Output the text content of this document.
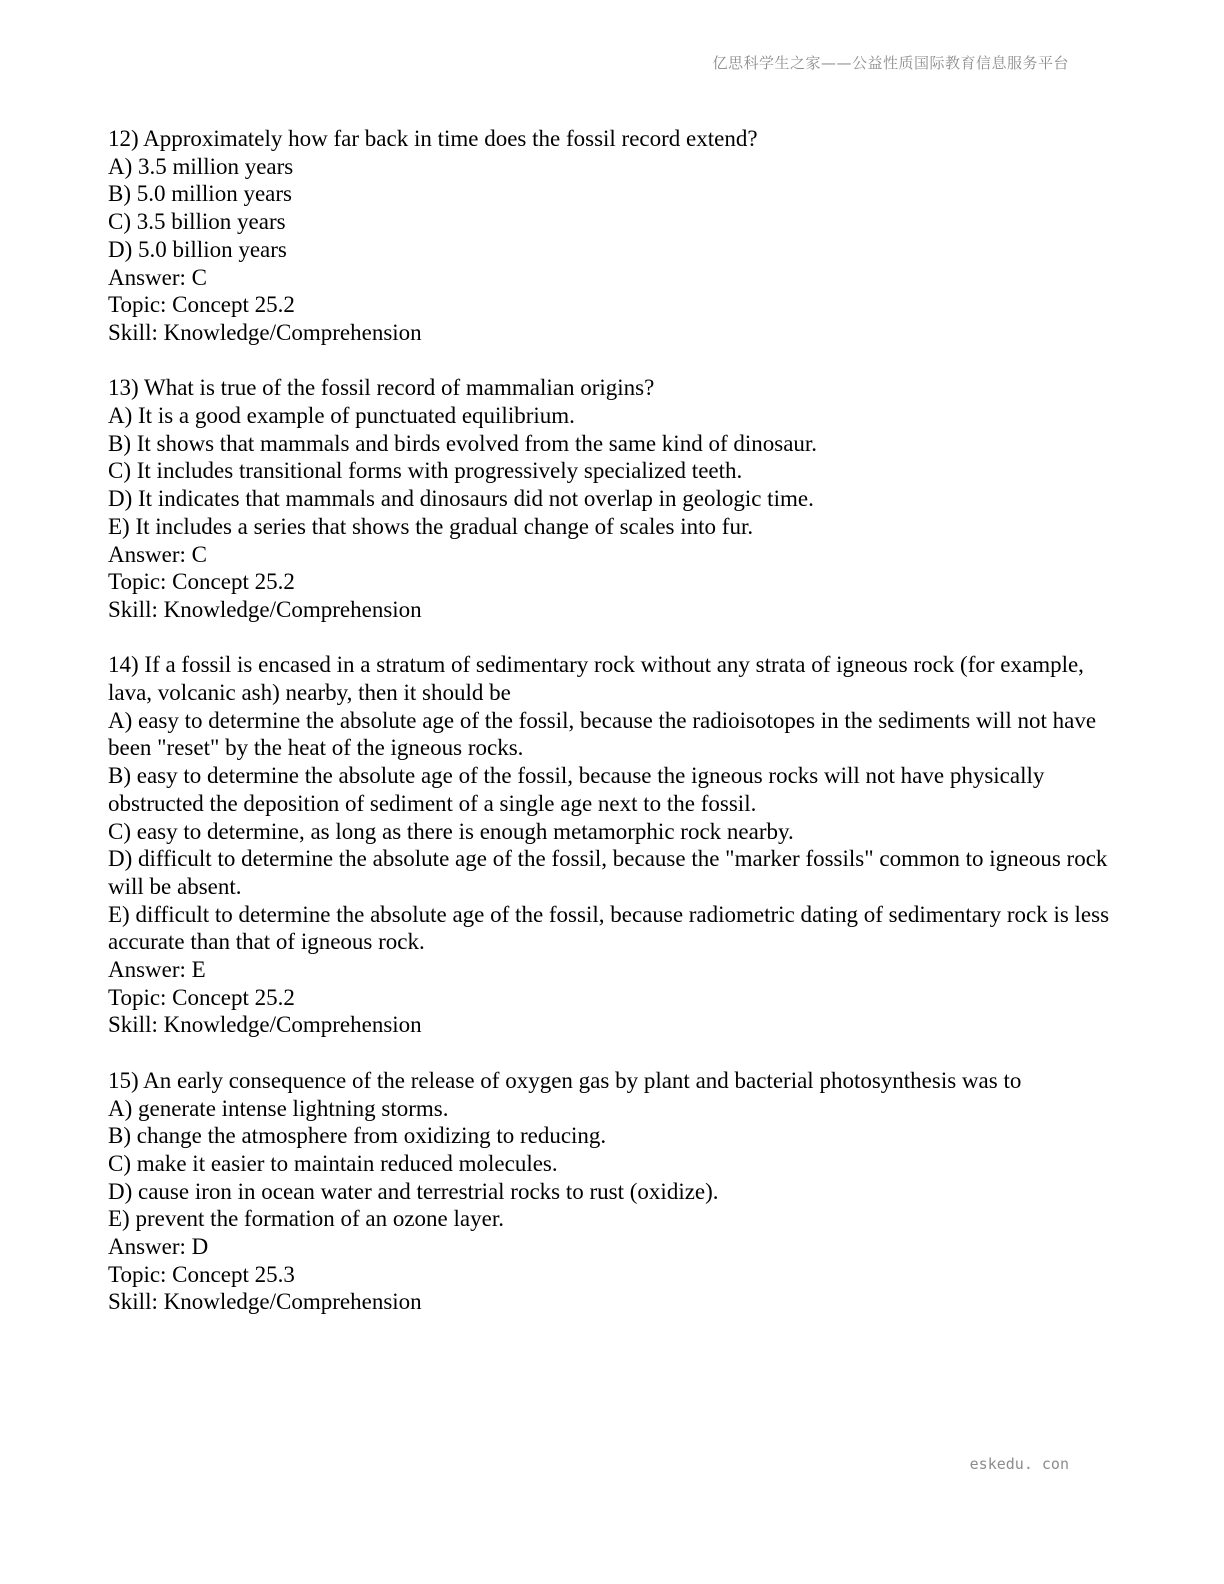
亿思科学生之家——公益性质国际教育信息服务平台
12) Approximately how far back in time does the fossil record extend?
A) 3.5 million years
B) 5.0 million years
C) 3.5 billion years
D) 5.0 billion years
Answer: C
Topic: Concept 25.2
Skill: Knowledge/Comprehension
13) What is true of the fossil record of mammalian origins?
A) It is a good example of punctuated equilibrium.
B) It shows that mammals and birds evolved from the same kind of dinosaur.
C) It includes transitional forms with progressively specialized teeth.
D) It indicates that mammals and dinosaurs did not overlap in geologic time.
E) It includes a series that shows the gradual change of scales into fur.
Answer: C
Topic: Concept 25.2
Skill: Knowledge/Comprehension
14) If a fossil is encased in a stratum of sedimentary rock without any strata of igneous rock (for example, lava, volcanic ash) nearby, then it should be
A) easy to determine the absolute age of the fossil, because the radioisotopes in the sediments will not have been "reset" by the heat of the igneous rocks.
B) easy to determine the absolute age of the fossil, because the igneous rocks will not have physically obstructed the deposition of sediment of a single age next to the fossil.
C) easy to determine, as long as there is enough metamorphic rock nearby.
D) difficult to determine the absolute age of the fossil, because the "marker fossils" common to igneous rock will be absent.
E) difficult to determine the absolute age of the fossil, because radiometric dating of sedimentary rock is less accurate than that of igneous rock.
Answer: E
Topic: Concept 25.2
Skill: Knowledge/Comprehension
15) An early consequence of the release of oxygen gas by plant and bacterial photosynthesis was to
A) generate intense lightning storms.
B) change the atmosphere from oxidizing to reducing.
C) make it easier to maintain reduced molecules.
D) cause iron in ocean water and terrestrial rocks to rust (oxidize).
E) prevent the formation of an ozone layer.
Answer: D
Topic: Concept 25.3
Skill: Knowledge/Comprehension
eskedu. con
